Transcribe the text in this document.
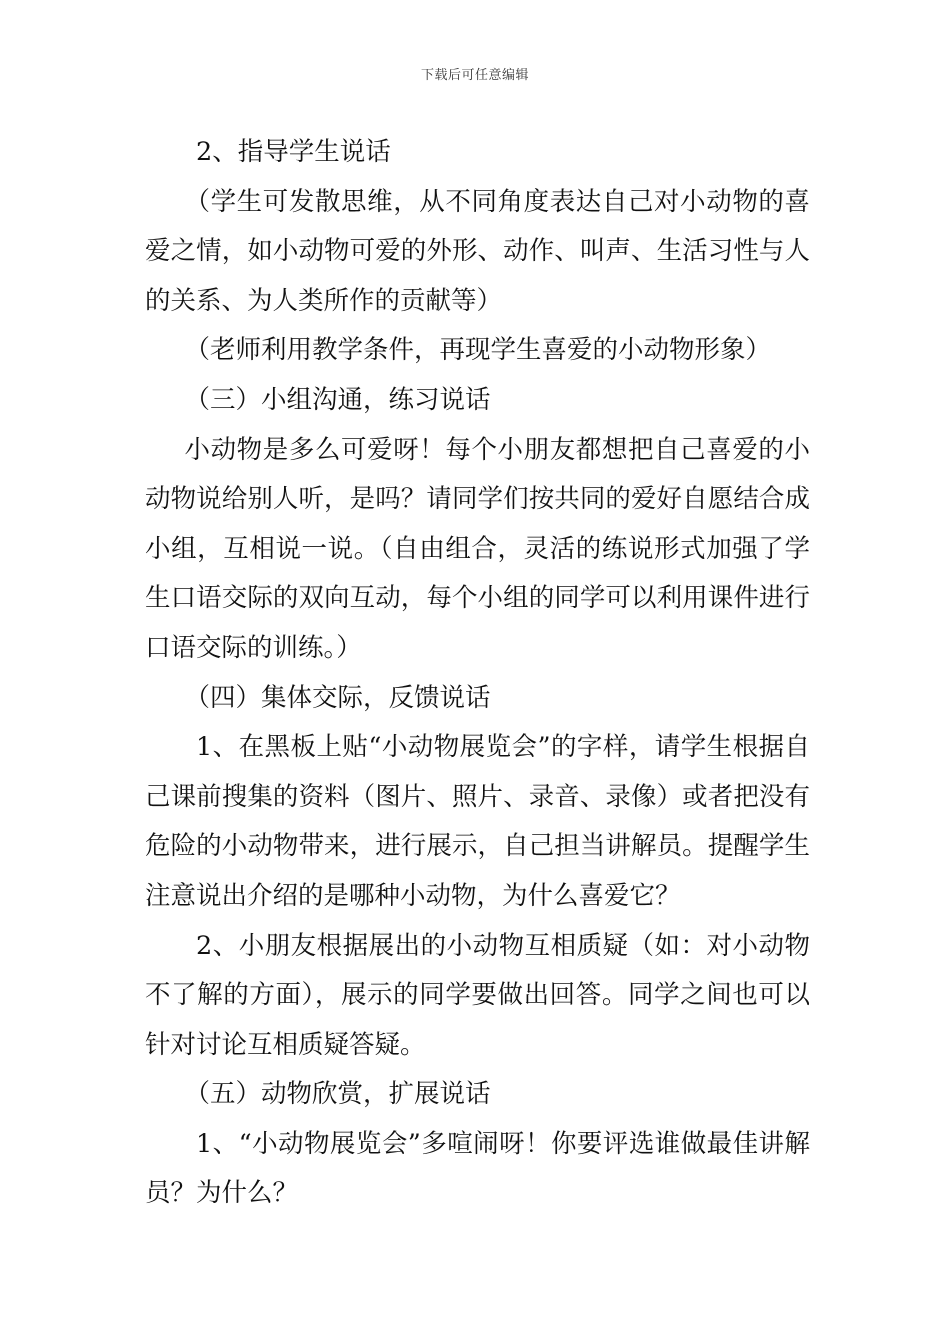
下载后可任意编辑

2、指导学生说话

（学生可发散思维，从不同角度表达自己对小动物的喜爱之情，如小动物可爱的外形、动作、叫声、生活习性与人的关系、为人类所作的贡献等）

（老师利用教学条件，再现学生喜爱的小动物形象）

（三）小组沟通，练习说话

小动物是多么可爱呀！每个小朋友都想把自己喜爱的小动物说给别人听，是吗？请同学们按共同的爱好自愿结合成小组，互相说一说。（自由组合，灵活的练说形式加强了学生口语交际的双向互动，每个小组的同学可以利用课件进行口语交际的训练。）

（四）集体交际，反馈说话

1、在黑板上贴“小动物展览会”的字样，请学生根据自己课前搜集的资料（图片、照片、录音、录像）或者把没有危险的小动物带来，进行展示，自己担当讲解员。提醒学生注意说出介绍的是哪种小动物，为什么喜爱它？

2、小朋友根据展出的小动物互相质疑（如：对小动物不了解的方面），展示的同学要做出回答。同学之间也可以针对讨论互相质疑答疑。

（五）动物欣赏，扩展说话

1、“小动物展览会”多喧闹呀！你要评选谁做最佳讲解员？为什么？
